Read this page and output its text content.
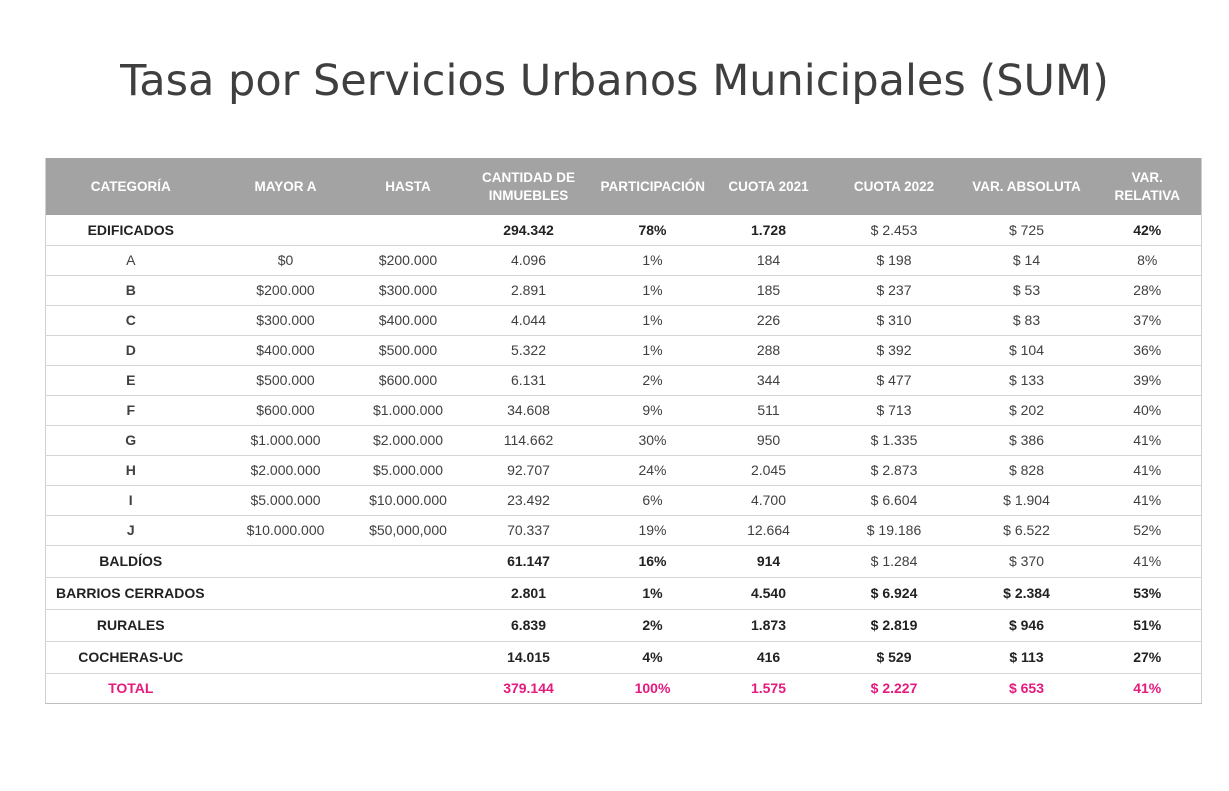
Tasa por Servicios Urbanos Municipales (SUM)
CATEGORÍA	MAYOR A	HASTA	CANTIDAD DE INMUEBLES	PARTICIPACIÓN	CUOTA 2021	CUOTA 2022	VAR. ABSOLUTA	VAR. RELATIVA
EDIFICADOS			294.342	78%	1.728	$ 2.453	$ 725	42%
A	$0	$200.000	4.096	1%	184	$ 198	$ 14	8%
B	$200.000	$300.000	2.891	1%	185	$ 237	$ 53	28%
C	$300.000	$400.000	4.044	1%	226	$ 310	$ 83	37%
D	$400.000	$500.000	5.322	1%	288	$ 392	$ 104	36%
E	$500.000	$600.000	6.131	2%	344	$ 477	$ 133	39%
F	$600.000	$1.000.000	34.608	9%	511	$ 713	$ 202	40%
G	$1.000.000	$2.000.000	114.662	30%	950	$ 1.335	$ 386	41%
H	$2.000.000	$5.000.000	92.707	24%	2.045	$ 2.873	$ 828	41%
I	$5.000.000	$10.000.000	23.492	6%	4.700	$ 6.604	$ 1.904	41%
J	$10.000.000	$50,000,000	70.337	19%	12.664	$ 19.186	$ 6.522	52%
BALDÍOS			61.147	16%	914	$ 1.284	$ 370	41%
BARRIOS CERRADOS			2.801	1%	4.540	$ 6.924	$ 2.384	53%
RURALES			6.839	2%	1.873	$ 2.819	$ 946	51%
COCHERAS-UC			14.015	4%	416	$ 529	$ 113	27%
TOTAL			379.144	100%	1.575	$ 2.227	$ 653	41%
